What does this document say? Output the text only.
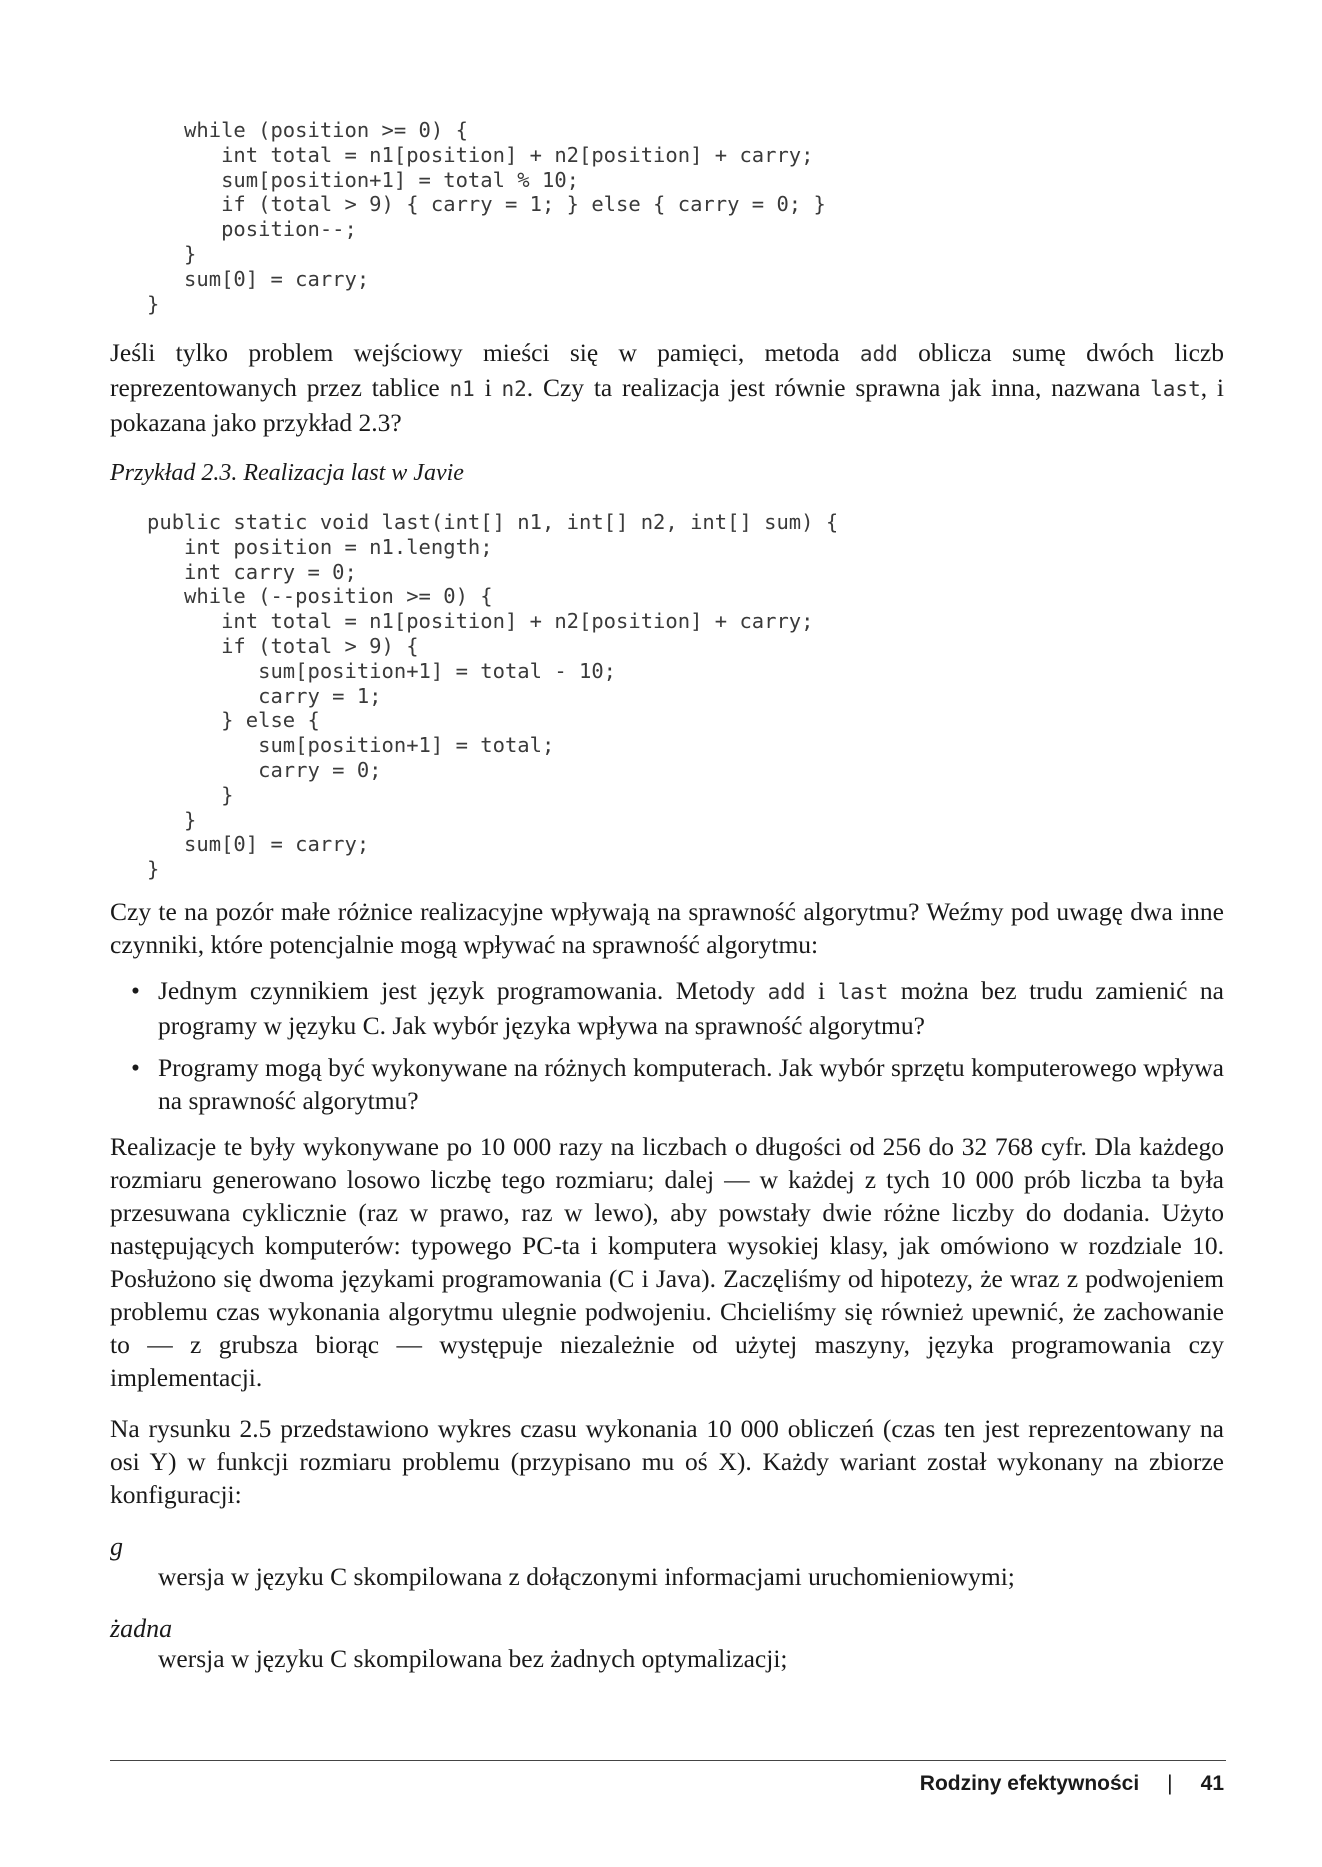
while (position >= 0) {
int total = n1[position] + n2[position] + carry;
sum[position+1] = total % 10;
if (total > 9) { carry = 1; } else { carry = 0; }
position--;
}
sum[0] = carry;
}

Jeśli tylko problem wejściowy mieści się w pamięci, metoda add oblicza sumę dwóch liczb reprezentowanych przez tablice n1 i n2. Czy ta realizacja jest równie sprawna jak inna, nazwana last, i pokazana jako przykład 2.3?

Przykład 2.3. Realizacja last w Javie

public static void last(int[] n1, int[] n2, int[] sum) {
int position = n1.length;
int carry = 0;
while (--position >= 0) {
int total = n1[position] + n2[position] + carry;
if (total > 9) {
sum[position+1] = total - 10;
carry = 1;
} else {
sum[position+1] = total;
carry = 0;
}
}
sum[0] = carry;
}

Czy te na pozór małe różnice realizacyjne wpływają na sprawność algorytmu? Weźmy pod uwagę dwa inne czynniki, które potencjalnie mogą wpływać na sprawność algorytmu:

• Jednym czynnikiem jest język programowania. Metody add i last można bez trudu zamienić na programy w języku C. Jak wybór języka wpływa na sprawność algorytmu?
• Programy mogą być wykonywane na różnych komputerach. Jak wybór sprzętu komputerowego wpływa na sprawność algorytmu?

Realizacje te były wykonywane po 10 000 razy na liczbach o długości od 256 do 32 768 cyfr. Dla każdego rozmiaru generowano losowo liczbę tego rozmiaru; dalej — w każdej z tych 10 000 prób liczba ta była przesuwana cyklicznie (raz w prawo, raz w lewo), aby powstały dwie różne liczby do dodania. Użyto następujących komputerów: typowego PC-ta i komputera wysokiej klasy, jak omówiono w rozdziale 10. Posłużono się dwoma językami programowania (C i Java). Zaczęliśmy od hipotezy, że wraz z podwojeniem problemu czas wykonania algorytmu ulegnie podwojeniu. Chcieliśmy się również upewnić, że zachowanie to — z grubsza biorąc — występuje niezależnie od użytej maszyny, języka programowania czy implementacji.

Na rysunku 2.5 przedstawiono wykres czasu wykonania 10 000 obliczeń (czas ten jest reprezentowany na osi Y) w funkcji rozmiaru problemu (przypisano mu oś X). Każdy wariant został wykonany na zbiorze konfiguracji:

g

wersja w języku C skompilowana z dołączonymi informacjami uruchomieniowymi;

żadna

wersja w języku C skompilowana bez żadnych optymalizacji;

Rodziny efektywności | 41
